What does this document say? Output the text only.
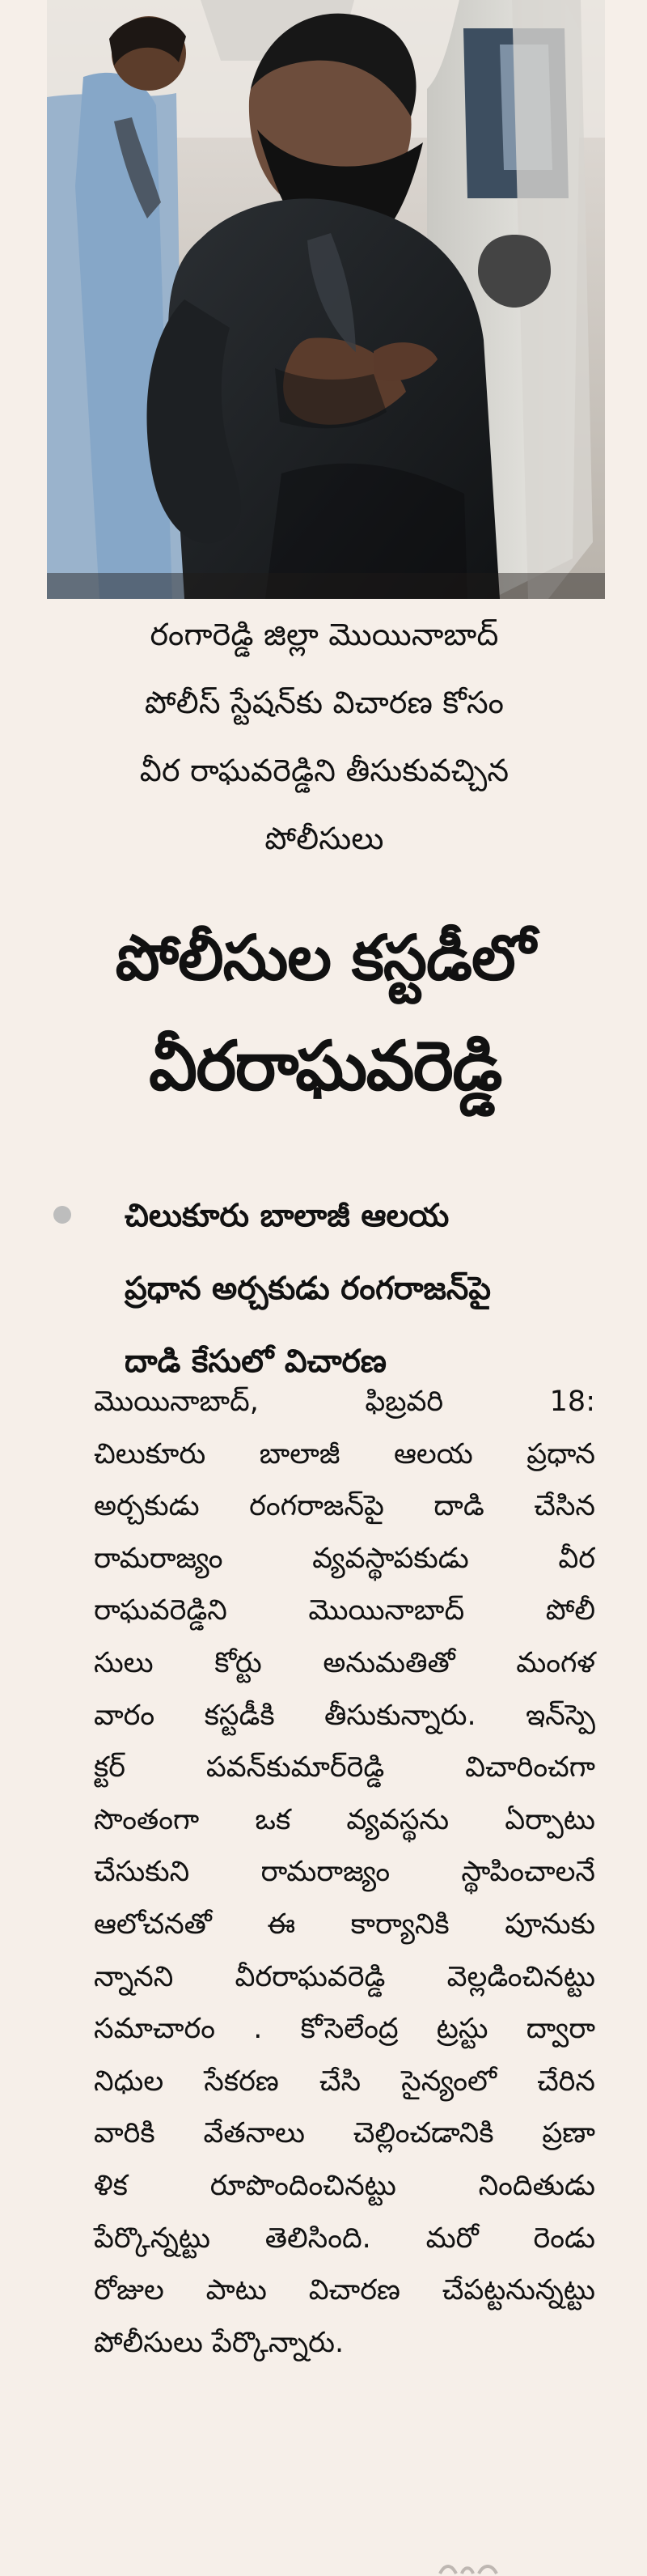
రంగారెడ్డి జిల్లా మొయినాబాద్
పోలీస్ స్టేషన్‌కు విచారణ కోసం
వీర రాఘవరెడ్డిని తీసుకువచ్చిన
పోలీసులు
పోలీసుల కస్టడీలో
వీరరాఘవరెడ్డి
చిలుకూరు బాలాజీ ఆలయ
ప్రధాన అర్చకుడు రంగరాజన్‌పై
దాడి కేసులో విచారణ
మొయినాబాద్, ఫిబ్రవరి 18:
చిలుకూరు బాలాజీ ఆలయ ప్రధాన
అర్చకుడు రంగరాజన్‌పై దాడి చేసిన
రామరాజ్యం వ్యవస్థాపకుడు వీర
రాఘవరెడ్డిని మొయినాబాద్ పోలీ
సులు కోర్టు అనుమతితో మంగళ
వారం కస్టడీకి తీసుకున్నారు. ఇన్‌స్పె
క్టర్ పవన్‌కుమార్‌రెడ్డి విచారించగా
సొంతంగా ఒక వ్యవస్థను ఏర్పాటు
చేసుకుని రామరాజ్యం స్థాపించాలనే
ఆలోచనతో ఈ కార్యానికి పూనుకు
న్నానని వీరరాఘవరెడ్డి వెల్లడించినట్టు
సమాచారం . కోసెలేంద్ర ట్రస్టు ద్వారా
నిధుల సేకరణ చేసి సైన్యంలో చేరిన
వారికి వేతనాలు చెల్లించడానికి ప్రణా
ళిక రూపొందించినట్టు నిందితుడు
పేర్కొన్నట్టు తెలిసింది. మరో రెండు
రోజుల పాటు విచారణ చేపట్టనున్నట్టు
పోలీసులు పేర్కొన్నారు.
